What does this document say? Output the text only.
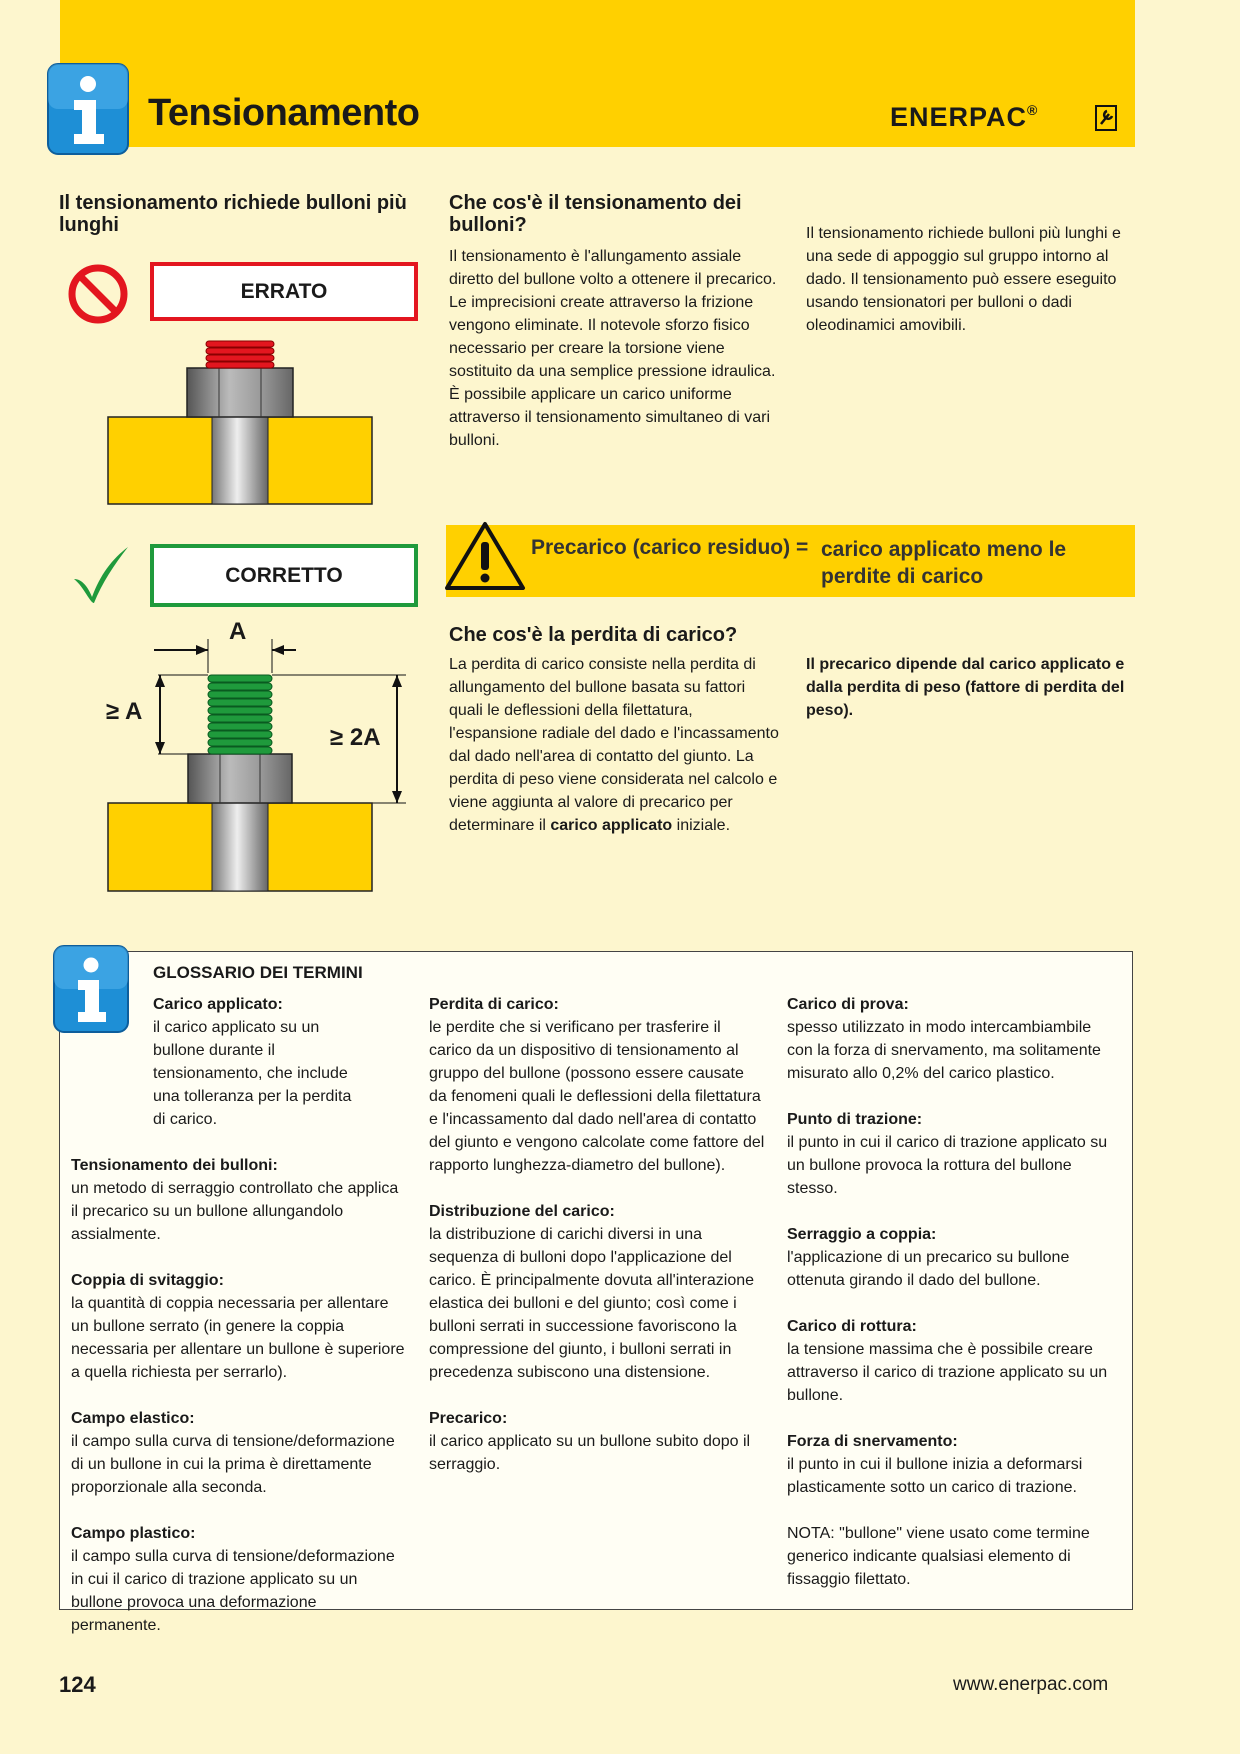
Tensionamento	ENERPAC®
Il tensionamento richiede bulloni più lunghi
ERRATO
CORRETTO
A
≥ A
≥ 2A
Che cos'è il tensionamento dei bulloni?
Il tensionamento è l'allungamento assiale diretto del bullone volto a ottenere il precarico. Le imprecisioni create attraverso la frizione vengono eliminate. Il notevole sforzo fisico necessario per creare la torsione viene sostituito da una semplice pressione idraulica. È possibile applicare un carico uniforme attraverso il tensionamento simultaneo di vari bulloni.
Il tensionamento richiede bulloni più lunghi e una sede di appoggio sul gruppo intorno al dado. Il tensionamento può essere eseguito usando tensionatori per bulloni o dadi oleodinamici amovibili.
Precarico (carico residuo) = carico applicato meno le
perdite di carico
Che cos'è la perdita di carico?
La perdita di carico consiste nella perdita di allungamento del bullone basata su fattori quali le deflessioni della filettatura, l'espansione radiale del dado e l'incassamento dal dado nell'area di contatto del giunto. La perdita di peso viene considerata nel calcolo e viene aggiunta al valore di precarico per determinare il carico applicato iniziale.
Il precarico dipende dal carico applicato e dalla perdita di peso (fattore di perdita del peso).
GLOSSARIO DEI TERMINI

Carico applicato:

il carico applicato su un bullone durante il tensionamento, che include una tolleranza per la perdita di carico.

Tensionamento dei bulloni:
un metodo di serraggio controllato che applica il precarico su un bullone allungandolo assialmente.

Coppia di svitaggio:
la quantità di coppia necessaria per allentare un bullone serrato (in genere la coppia necessaria per allentare un bullone è superiore a quella richiesta per serrarlo).

Campo elastico:
il campo sulla curva di tensione/deformazione di un bullone in cui la prima è direttamente proporzionale alla seconda.

Campo plastico:
il campo sulla curva di tensione/deformazione in cui il carico di trazione applicato su un bullone provoca una deformazione permanente.

Perdita di carico:
le perdite che si verificano per trasferire il carico da un dispositivo di tensionamento al gruppo del bullone (possono essere causate da fenomeni quali le deflessioni della filettatura e l'incassamento dal dado nell'area di contatto del giunto e vengono calcolate come fattore del rapporto lunghezza-diametro del bullone).

Distribuzione del carico:
la distribuzione di carichi diversi in una sequenza di bulloni dopo l'applicazione del carico. È principalmente dovuta all'interazione elastica dei bulloni e del giunto; così come i bulloni serrati in successione favoriscono la compressione del giunto, i bulloni serrati in precedenza subiscono una distensione.

Precarico:
il carico applicato su un bullone subito dopo il serraggio.

Carico di prova:
spesso utilizzato in modo intercambiambile con la forza di snervamento, ma solitamente misurato allo 0,2% del carico plastico.

Punto di trazione:
il punto in cui il carico di trazione applicato su un bullone provoca la rottura del bullone stesso.

Serraggio a coppia:
l'applicazione di un precarico su bullone ottenuta girando il dado del bullone.

Carico di rottura:
la tensione massima che è possibile creare attraverso il carico di trazione applicato su un bullone.

Forza di snervamento:
il punto in cui il bullone inizia a deformarsi plasticamente sotto un carico di trazione.

NOTA: "bullone" viene usato come termine generico indicante qualsiasi elemento di fissaggio filettato.

124	www.enerpac.com
